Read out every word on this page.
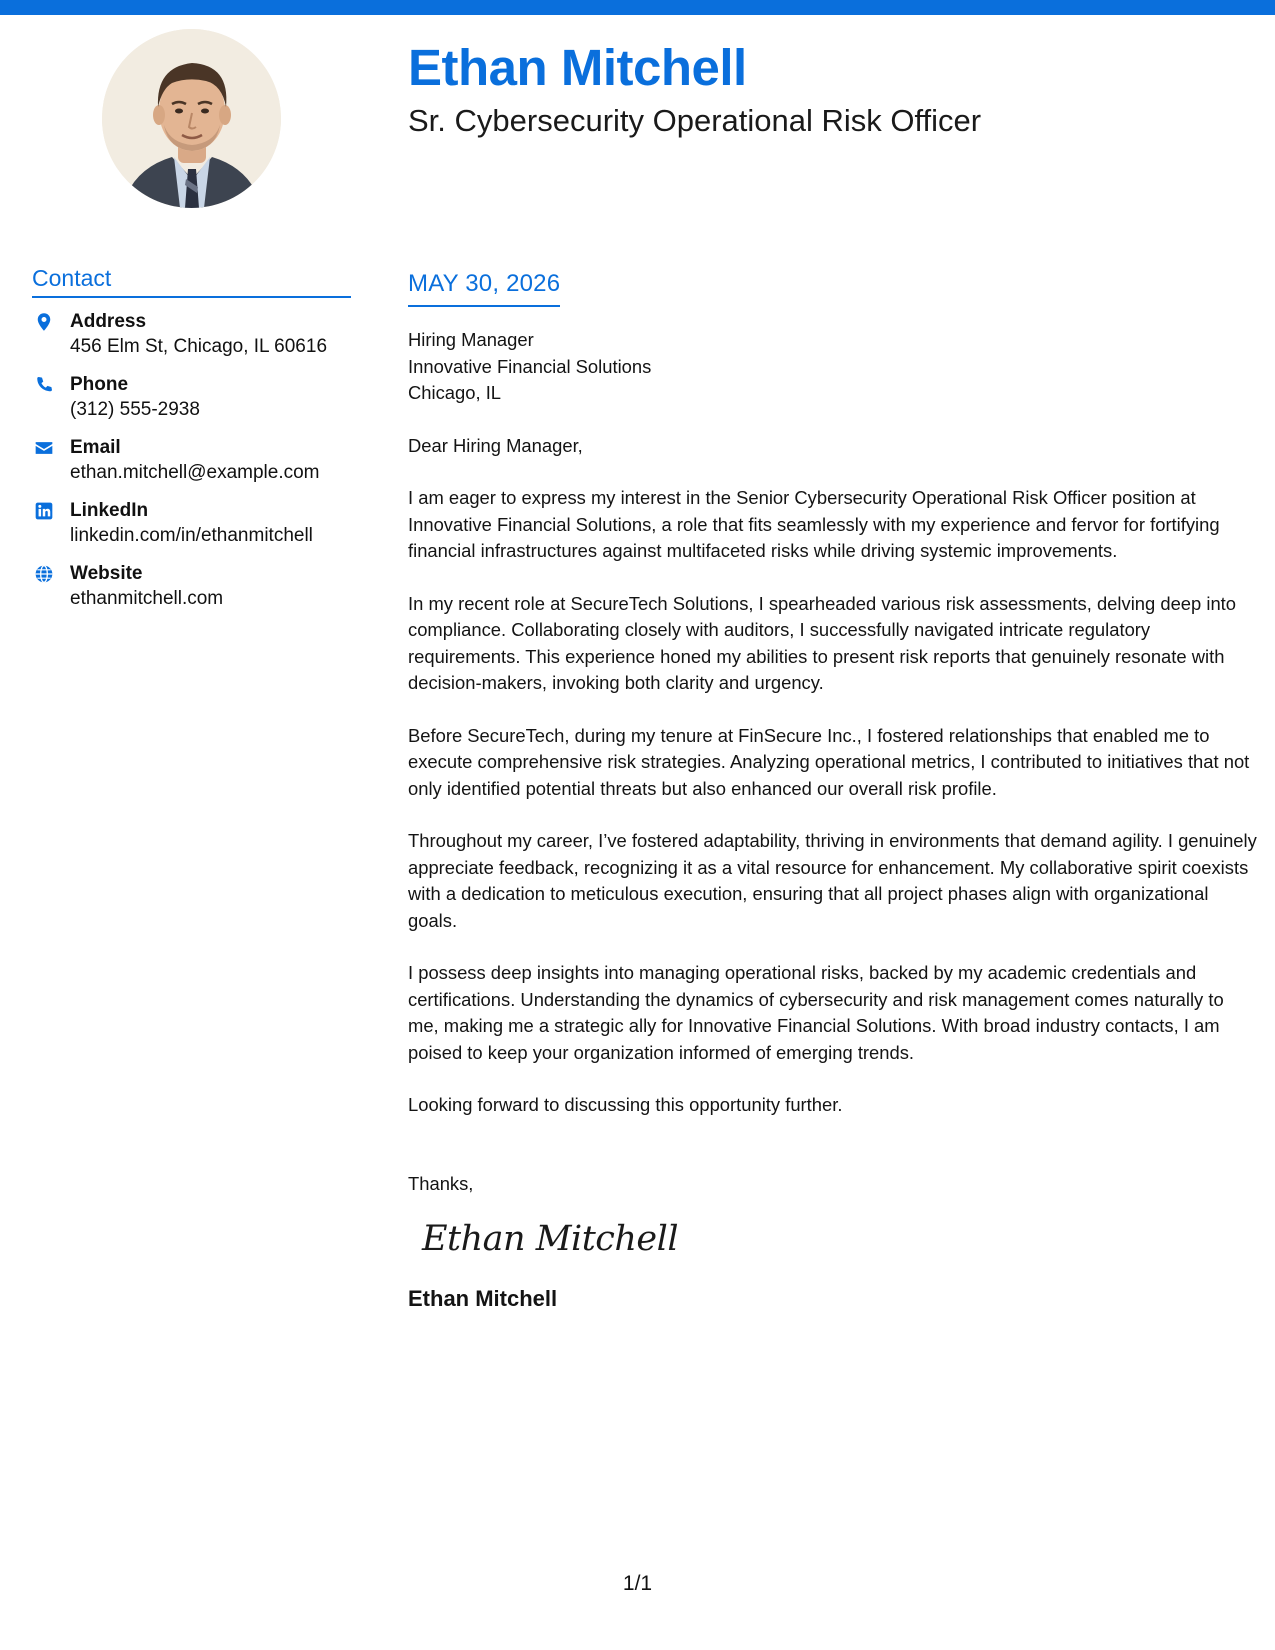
Ethan Mitchell
Sr. Cybersecurity Operational Risk Officer
Contact
Address
456 Elm St, Chicago, IL 60616
Phone
(312) 555-2938
Email
ethan.mitchell@example.com
LinkedIn
linkedin.com/in/ethanmitchell
Website
ethanmitchell.com
MAY 30, 2026
Hiring Manager
Innovative Financial Solutions
Chicago, IL
Dear Hiring Manager,
I am eager to express my interest in the Senior Cybersecurity Operational Risk Officer position at Innovative Financial Solutions, a role that fits seamlessly with my experience and fervor for fortifying financial infrastructures against multifaceted risks while driving systemic improvements.
In my recent role at SecureTech Solutions, I spearheaded various risk assessments, delving deep into compliance. Collaborating closely with auditors, I successfully navigated intricate regulatory requirements. This experience honed my abilities to present risk reports that genuinely resonate with decision-makers, invoking both clarity and urgency.
Before SecureTech, during my tenure at FinSecure Inc., I fostered relationships that enabled me to execute comprehensive risk strategies. Analyzing operational metrics, I contributed to initiatives that not only identified potential threats but also enhanced our overall risk profile.
Throughout my career, I’ve fostered adaptability, thriving in environments that demand agility. I genuinely appreciate feedback, recognizing it as a vital resource for enhancement. My collaborative spirit coexists with a dedication to meticulous execution, ensuring that all project phases align with organizational goals.
I possess deep insights into managing operational risks, backed by my academic credentials and certifications. Understanding the dynamics of cybersecurity and risk management comes naturally to me, making me a strategic ally for Innovative Financial Solutions. With broad industry contacts, I am poised to keep your organization informed of emerging trends.
Looking forward to discussing this opportunity further.
Thanks,
Ethan Mitchell
Ethan Mitchell
1/1
